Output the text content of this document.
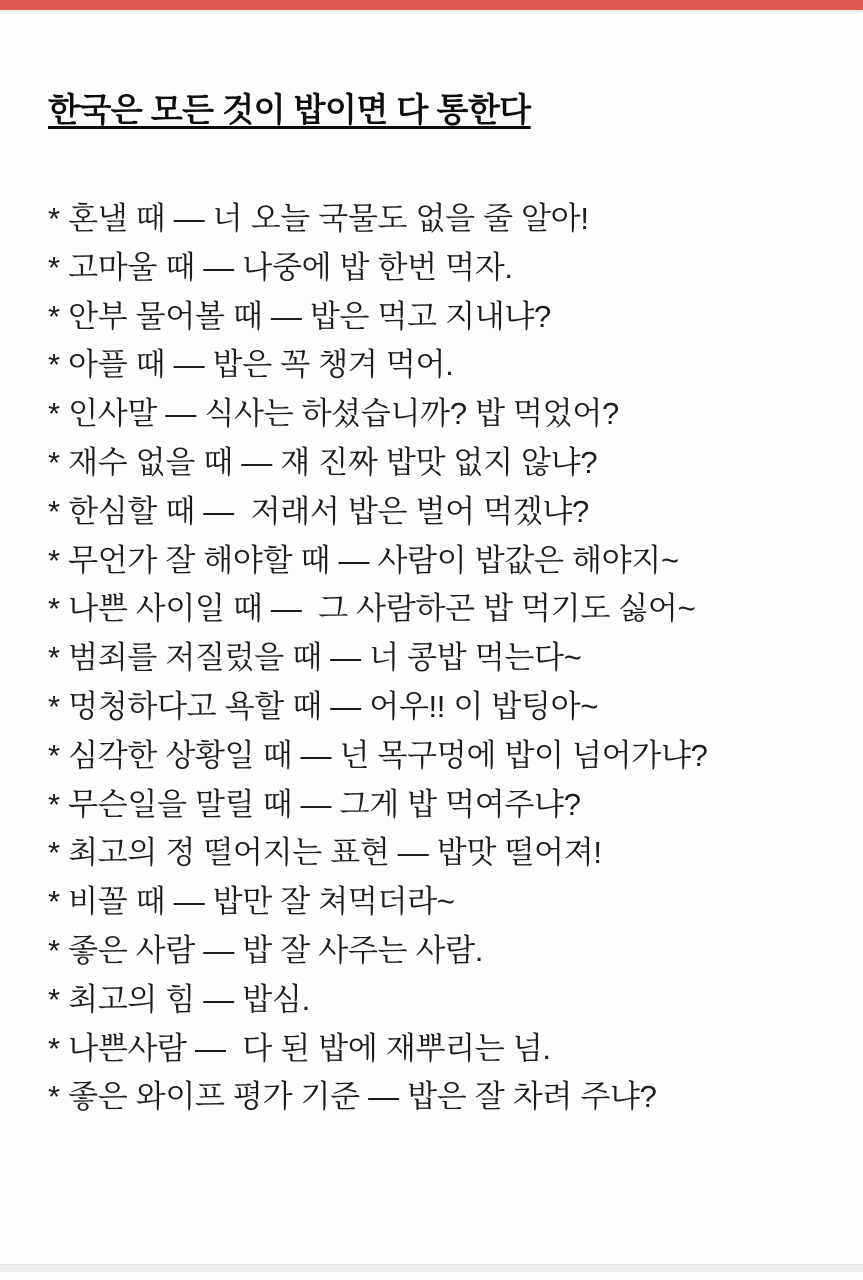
한국은 모든 것이 밥이면 다 통한다
* 혼낼 때 — 너 오늘 국물도 없을 줄 알아!
* 고마울 때 — 나중에 밥 한번 먹자.
* 안부 물어볼 때 — 밥은 먹고 지내냐?
* 아플 때 — 밥은 꼭 챙겨 먹어.
* 인사말 — 식사는 하셨습니까? 밥 먹었어?
* 재수 없을 때 — 쟤 진짜 밥맛 없지 않냐?
* 한심할 때 —  저래서 밥은 벌어 먹겠냐?
* 무언가 잘 해야할 때 — 사람이 밥값은 해야지~
* 나쁜 사이일 때 —  그 사람하곤 밥 먹기도 싫어~
* 범죄를 저질렀을 때 — 너 콩밥 먹는다~
* 멍청하다고 욕할 때 — 어우!! 이 밥팅아~
* 심각한 상황일 때 — 넌 목구멍에 밥이 넘어가냐?
* 무슨일을 말릴 때 — 그게 밥 먹여주냐?
* 최고의 정 떨어지는 표현 — 밥맛 떨어져!
* 비꼴 때 — 밥만 잘 쳐먹더라~
* 좋은 사람 — 밥 잘 사주는 사람.
* 최고의 힘 — 밥심.
* 나쁜사람 —  다 된 밥에 재뿌리는 넘.
* 좋은 와이프 평가 기준 — 밥은 잘 차려 주냐?
